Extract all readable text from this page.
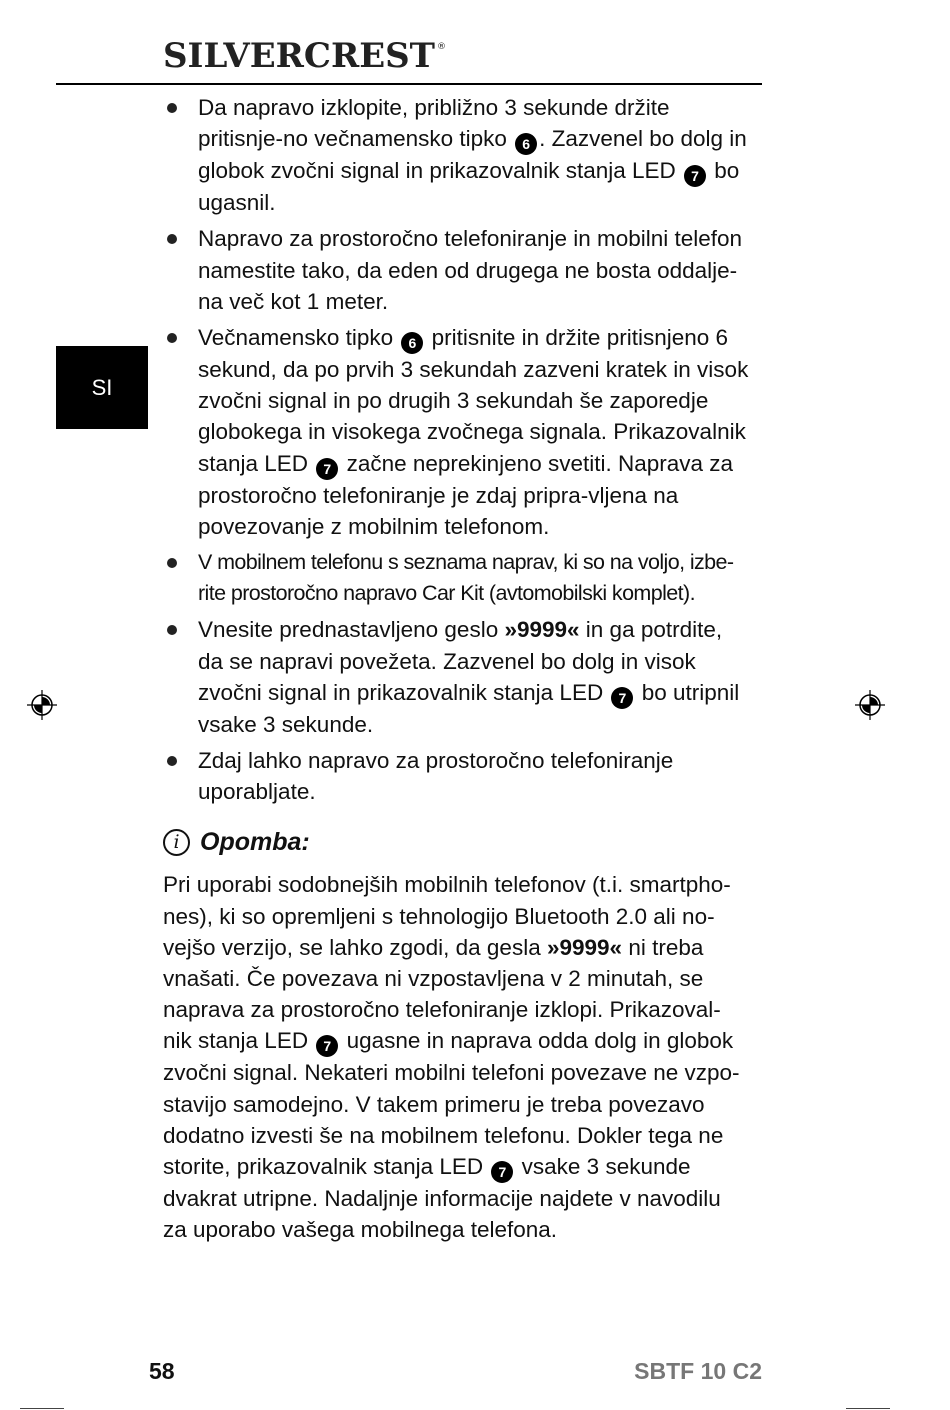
SILVERCREST ®
SI
Da napravo izklopite, približno 3 sekunde držite pritisnje-no večnamensko tipko 6 . Zazvenel bo dolg in globok zvočni signal in prikazovalnik stanja LED 7 bo ugasnil.
Napravo za prostoročno telefoniranje in mobilni telefon namestite tako, da eden od drugega ne bosta oddalje-na več kot 1 meter.
Večnamensko tipko 6 pritisnite in držite pritisnjeno 6 sekund, da po prvih 3 sekundah zazveni kratek in visok zvočni signal in po drugih 3 sekundah še zaporedje globokega in visokega zvočnega signala. Prikazovalnik stanja LED 7 začne neprekinjeno svetiti. Naprava za prostoročno telefoniranje je zdaj pripra-vljena na povezovanje z mobilnim telefonom.
V mobilnem telefonu s seznama naprav, ki so na voljo, izbe-rite prostoročno napravo Car Kit (avtomobilski komplet).
Vnesite prednastavljeno geslo »9999« in ga potrdite, da se napravi povežeta. Zazvenel bo dolg in visok zvočni signal in prikazovalnik stanja LED 7 bo utripnil vsake 3 sekunde.
Zdaj lahko napravo za prostoročno telefoniranje uporabljate.
i Opomba:

Pri uporabi sodobnejših mobilnih telefonov (t.i. smartpho-nes), ki so opremljeni s tehnologijo Bluetooth 2.0 ali no-vejšo verzijo, se lahko zgodi, da gesla »9999« ni treba vnašati. Če povezava ni vzpostavljena v 2 minutah, se naprava za prostoročno telefoniranje izklopi. Prikazoval-nik stanja LED 7 ugasne in naprava odda dolg in globok zvočni signal. Nekateri mobilni telefoni povezave ne vzpo-stavijo samodejno. V takem primeru je treba povezavo dodatno izvesti še na mobilnem telefonu. Dokler tega ne storite, prikazovalnik stanja LED 7 vsake 3 sekunde dvakrat utripne. Nadaljnje informacije najdete v navodilu za uporabo vašega mobilnega telefona.

58	SBTF 10 C2
